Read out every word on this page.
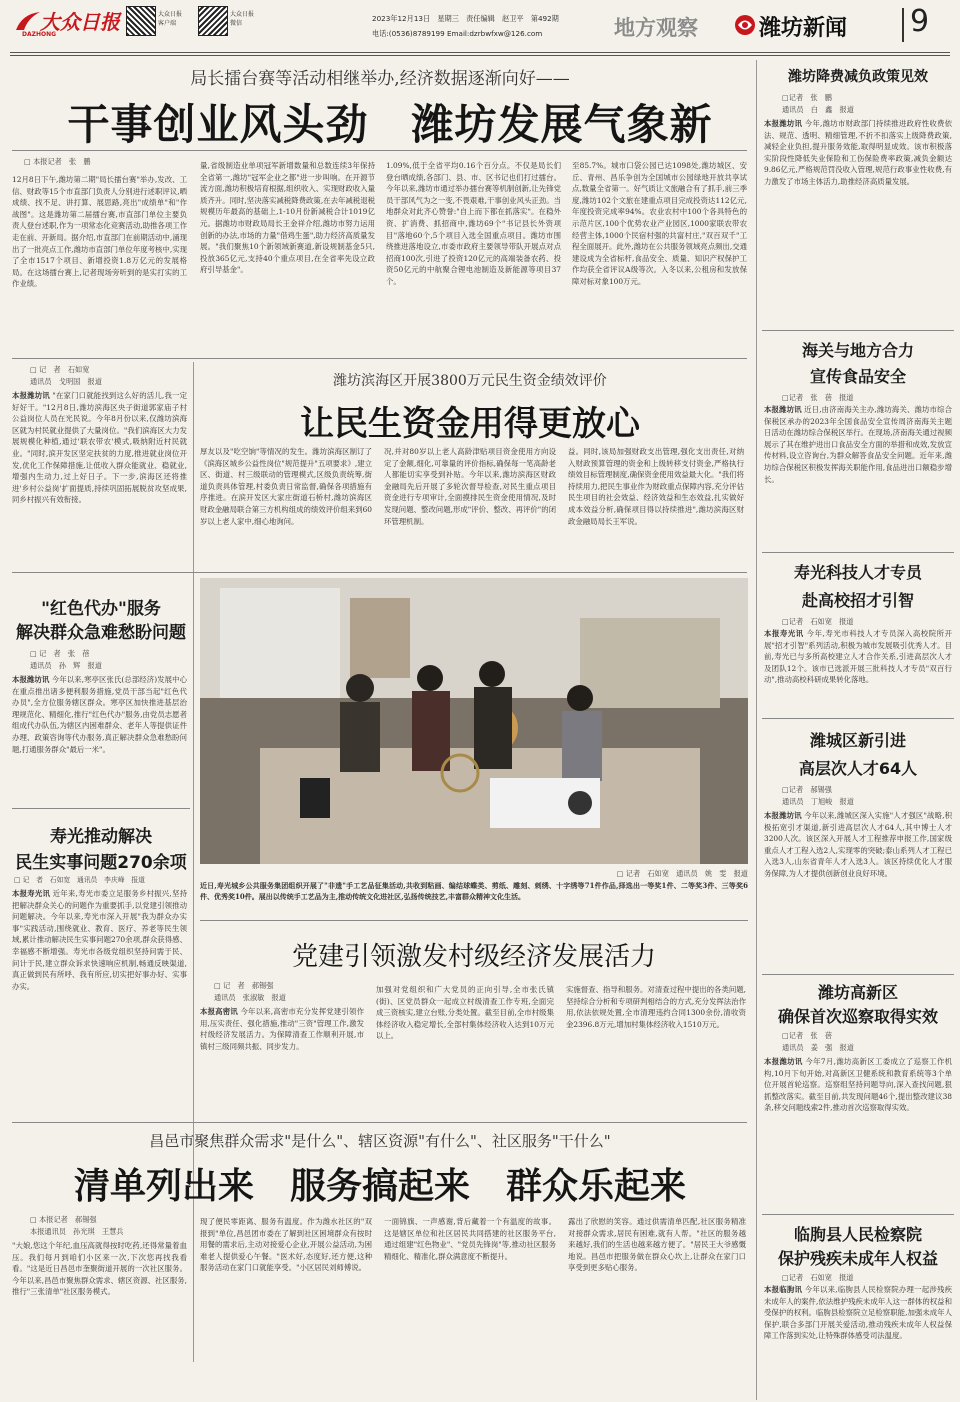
大众日报
DAZHONG
大众日报
客户端
大众日报
微信
2023年12月13日　星期三　责任编辑　赵卫平　第492期
电话:(0536)8789199 Email:dzrbwfxw@126.com	地方观察	潍坊新闻	9
局长擂台赛等活动相继举办,经济数据逐渐向好——
干事创业风头劲　潍坊发展气象新
□ 本报记者　张　鹏
12月8日下午,潍坊第二期"局长擂台赛"举办,发改、工信、财政等15个市直部门负责人分别进行述职评议,晒成绩、找不足、讲打算、展思路,亮出"成绩单"和"作战图"。这是潍坊第二届擂台赛,市直部门单位主要负责人登台述职,作为一项常态化竞赛活动,助推各项工作走在前、开新局。据介绍,市直部门在前期活动中,涌现出了一批亮点工作,潍坊市直部门单位年度考核中,实现了全市1517个项目、新增投资1.8万亿元的发展格局。在这场擂台赛上,记者现场旁听到的是实打实的工作业绩。
量,省级制造业单项冠军新增数量和总数连续3年保持全省第一,潍坊"冠军企业之都"进一步叫响。在开源节流方面,潍坊积极培育根据,组织收入、实现财政收入量质齐升。同时,坚决落实减税降费政策,在去年减税退税规模历年最高的基础上,1-10月份新减税合计1019亿元。据潍坊市财政局局长王金祥介绍,潍坊市努力运用创新的办法,市场的力量"借鸡生蛋",助力经济高质量发展。"我们聚焦10个新领域新赛道,新设规制基金5只,投放365亿元,支持40个重点项目,在全省率先设立政府引导基金"。
1.09%,低于全省平均0.16个百分点。不仅是局长们登台晒成绩,各部门、县、市、区书记也们打过擂台。今年以来,潍坊市通过举办擂台赛等机制创新,让先锋党员干部风气为之一变,不畏艰难,干事创业风头正劲。当地群众对此齐心赞誉:"自上而下都在抓落实"。在稳外资、扩消费、抓招商中,潍坊69个"书记县长外资项目"落地60个,5个项目入选全国重点项目。潍坊市围绕推进落地设立,市委市政府主要领导带队开展点对点招商100次,引进了投资120亿元的高端装备农药、投资50亿元的中航聚合锂电池制造及新能源等项目37个。
至85.7%。城市口袋公园已达1098处,潍坊城区、安丘、青州、昌乐争创为全国城市公园绿地开放共享试点,数量全省第一。好气质让文旅融合有了抓手,前三季度,潍坊102个文旅在建重点项目完成投资达112亿元,年度投资完成率94%。农业农村中100个各具特色的示范片区,100个优势农业产业园区,1000家联农带农经营主体,1000个民宿村强的共富村庄,"双百双千"工程全面展开。此外,潍坊在公共服务领域亮点频出,交通建设成为全省标杆,食品安全、质量、知识产权保护工作均获全省评议A级等次。入冬以来,公租房和发放保障对标对象100万元。
□ 记　者　石如宽
通讯员　戈明国　报道
本报潍坊讯 "在家门口就能找到这么好的活儿,我一定好好干。"12月8日,潍坊滨海区央子街道郭家庙子村公益岗位人员在光民说。今年8月份以来,仅潍坊滨海区就为村民就业提供了大量岗位。"我们滨海区大力发展规模化种植,通过'联农带农'模式,吸纳附近村民就业。"同时,滨开发区坚定扶贫的力度,推进就业岗位开发,优化工作保障措施,让低收入群众能就业、稳就业,增强内生动力,过上好日子。下一步,滨海区还将推进'乡村公益岗'扩面提质,持续巩固拓展脱贫攻坚成果,同乡村振兴有效衔接。
潍坊滨海区开展3800万元民生资金绩效评价
让民生资金用得更放心
厚友以及"吃空饷"等情况的发生。潍坊滨海区制订了《滨海区城乡公益性岗位"规范提升"五项要求》,建立区、街道、村三级联动的管理模式,区级负责统筹,街道负责具体管理,村委负责日常监督,确保各项措施有序推进。在滨开发区大家庄街道石桥村,潍坊滨海区财政金融局联合第三方机构组成的绩效评价组来到60岁以上老人家中,细心地询问。
况,并对80岁以上老人高龄津贴项目资金使用方向设定了金额,细化,可靠量的评价指标,确保每一笔高龄老人都能切实享受到补贴。今年以来,潍坊滨海区财政金融局先后开展了多轮次督导检查,对民生重点项目资金进行专项审计,全面摸排民生资金使用情况,及时发现问题、整改问题,形成"评价、整改、再评价"的闭环管理机制。
益。同时,该局加强财政支出管理,强化支出责任,对纳入财政预算管理的资金和上级转移支付资金,严格执行绩效目标管理制度,确保资金使用效益最大化。"我们将持续用力,把民生事业作为财政重点保障内容,充分评估民生项目的社会效益、经济效益和生态效益,扎实做好成本效益分析,确保项目得以持续推进",潍坊滨海区财政金融局局长王军说。
"红色代办"服务
解决群众急难愁盼问题
□ 记　者　张　蓓
通讯员　孙　辉　报道
本报潍坊讯 今年以来,寒亭区张氏(总部经济)发展中心在重点推出诸多便利服务措施,党员干部当起"红色代办员",全方位服务辖区群众。寒亭区加快推进基层治理规范化、精细化,推行"红色代办"服务,由党员志愿者组成代办队伍,为辖区内困难群众、老年人等提供证件办理、政策咨询等代办服务,真正解决群众急难愁盼问题,打通服务群众"最后一米"。
寿光推动解决
民生实事问题270余项
□ 记　者　石如宽　通讯员　李庆峰　报道
本报寿光讯 近年来,寿光市委立足服务乡村振兴,坚持把解决群众关心的问题作为重要抓手,以党建引领推动问题解决。今年以来,寿光市深入开展"我为群众办实事"实践活动,围绕就业、教育、医疗、养老等民生领域,累计推动解决民生实事问题270余项,群众获得感、幸福感不断增强。寿光市各级党组织坚持问需于民、问计于民,建立群众诉求快速响应机制,畅通反映渠道,真正做到民有所呼、我有所应,切实把好事办好、实事办实。
□ 记者　石如宽　通讯员　姚　雯　报道
近日,寿光城乡公共服务集团组织开展了"非遗"手工艺品征集活动,共收到粘画、编结球蝶类、剪纸、雕刻、刺绣、十字绣等71件作品,择选出一等奖1件、二等奖3件、三等奖6件、优秀奖10件。展出以传统手工艺品为主,推动传统文化进社区,弘扬传统技艺,丰富群众精神文化生活。
党建引领激发村级经济发展活力
□ 记　者　郝锡强
通讯员　张淑敏　报道
本报高密讯 今年以来,高密市充分发挥党建引领作用,压实责任、强化措施,推动"三资"管理工作,激发村级经济发展活力。为保障清查工作顺利开展,市镇村三级同频共振、同步发力。
加强对党组织和广大党员的正向引导,全市张氏镇(街)、区党员群众一起成立村级清查工作专班,全面完成三资核实,建立台账,分类处置。截至目前,全市村级集体经济收入稳定增长,全部村集体经济收入达到10万元以上。
实施督查、指导和服务。对清查过程中提出的各类问题,坚持综合分析和专项研判相结合的方式,充分发挥法治作用,依法依规处置,全市清理违约合同1300余份,清收资金2396.8万元,增加村集体经济收入1510万元。
昌邑市聚焦群众需求"是什么"、辖区资源"有什么"、社区服务"干什么"
清单列出来　服务搞起来　群众乐起来
□ 本报记者　郝锡强
本报通讯员　孙光琪　王慧兵
"大娘,您这个年纪,血压高就得按时吃药,还得常量着血压。我们每月到咱们小区来一次,下次您再找我看看。"这是近日昌邑市奎聚街道开展的一次社区服务。今年以来,昌邑市聚焦群众需求、辖区资源、社区服务,推行"三张清单"社区服务模式。
现了便民零距离、服务有温度。作为潍水社区的"双报到"单位,昌邑团市委在了解到社区困境群众有按时用餐的需求后,主动对接爱心企业,开展公益活动,为困难老人提供爱心午餐。"医术好,态度好,还方便,这种服务活动在家门口就能享受。"小区居民刘师傅说。
一面锦旗、一声感谢,背后藏着一个有温度的故事。这是辖区单位和社区居民共同搭建的社区服务平台,通过组建"红色物业"、"党员先锋岗"等,推动社区服务精细化、精准化,群众满意度不断提升。
露出了欣慰的笑容。通过供需清单匹配,社区服务精准对接群众需求,居民有困难,就有人帮。"社区的服务越来越好,我们的生活也越来越方便了。"居民王大爷感慨地说。昌邑市把服务做在群众心坎上,让群众在家门口享受到更多贴心服务。
潍坊降费减负政策见效
□记者　张　鹏
通讯员　白　鑫　报道
本报潍坊讯 今年,潍坊市财政部门持续推进政府性收费依法、规范、透明、精细管理,不折不扣落实上级降费政策,减轻企业负担,提升服务效能,取得明显成效。该市积极落实阶段性降低失业保险和工伤保险费率政策,减负金额达9.86亿元,严格规范罚没收入管理,规范行政事业性收费,有力激发了市场主体活力,助推经济高质量发展。
海关与地方合力
宣传食品安全
□记者　张　蓓　报道
本报潍坊讯 近日,由济南海关主办,潍坊海关、潍坊市综合保税区承办的2023年全国食品安全宣传周济南海关主题日活动在潍坊综合保税区举行。在现场,济南海关通过视频展示了其在维护进出口食品安全方面的举措和成效,发放宣传材料,设立咨询台,为群众解答食品安全问题。近年来,潍坊综合保税区积极发挥海关职能作用,食品进出口额稳步增长。
寿光科技人才专员
赴高校招才引智
□记者　石如宽　报道
本报寿光讯 今年,寿光市科技人才专员深入高校院所开展"招才引智"系列活动,积极为城市发展吸引优秀人才。目前,寿光已与多所高校建立人才合作关系,引进高层次人才及团队12个。该市已选派开展三批科技人才专员"双百行动",推动高校科研成果转化落地。
潍城区新引进
高层次人才64人
□记者　郝锡强
通讯员　丁旭峻　报道
本报潍坊讯 今年以来,潍城区深入实施"人才强区"战略,积极拓宽引才渠道,新引进高层次人才64人,其中博士人才3200人次。该区深入开展人才工程推荐申报工作,国家级重点人才工程入选2人,实现零的突破;泰山系列人才工程已入选3人,山东省青年人才入选3人。该区持续优化人才服务保障,为人才提供创新创业良好环境。
潍坊高新区
确保首次巡察取得实效
□记者　张　蓓
通讯员　姜　强　报道
本报潍坊讯 今年7月,潍坊高新区工委成立了巡察工作机构,10月下旬开始,对高新区卫健系统和教育系统等3个单位开展首轮巡察。巡察组坚持问题导向,深入查找问题,狠抓整改落实。截至目前,共发现问题46个,提出整改建议38条,移交问题线索2件,推动首次巡察取得实效。
临朐县人民检察院
保护残疾未成年人权益
□记者　石如宽　报道
本报临朐讯 今年以来,临朐县人民检察院办理一起涉残疾未成年人的案件,依法维护残疾未成年人这一群体的权益和受保护的权利。临朐县检察院立足检察职能,加强未成年人保护,联合多部门开展关爱活动,推动残疾未成年人权益保障工作落到实处,让特殊群体感受司法温度。
